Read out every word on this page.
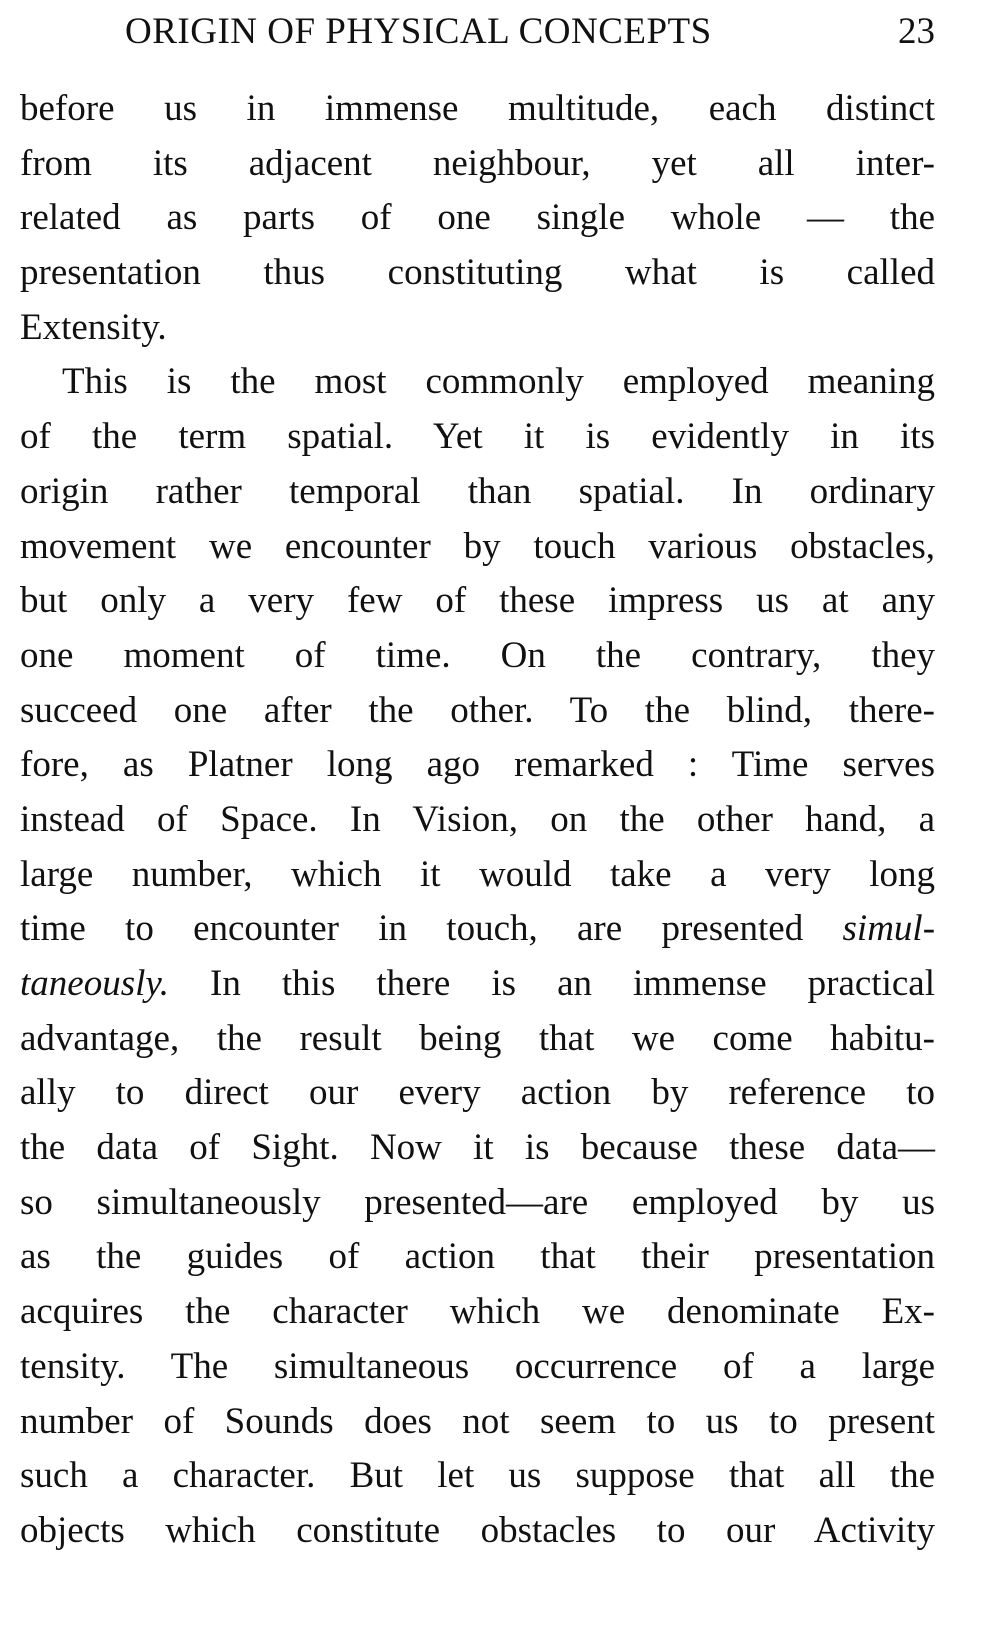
ORIGIN OF PHYSICAL CONCEPTS	23
before us in immense multitude, each distinct
from its adjacent neighbour, yet all inter-
related as parts of one single whole — the
presentation thus constituting what is called
Extensity.
This is the most commonly employed meaning
of the term spatial. Yet it is evidently in its
origin rather temporal than spatial. In ordinary
movement we encounter by touch various obstacles,
but only a very few of these impress us at any
one moment of time. On the contrary, they
succeed one after the other. To the blind, there-
fore, as Platner long ago remarked : Time serves
instead of Space. In Vision, on the other hand, a
large number, which it would take a very long
time to encounter in touch, are presented simul-
taneously. In this there is an immense practical
advantage, the result being that we come habitu-
ally to direct our every action by reference to
the data of Sight. Now it is because these data—
so simultaneously presented—are employed by us
as the guides of action that their presentation
acquires the character which we denominate Ex-
tensity. The simultaneous occurrence of a large
number of Sounds does not seem to us to present
such a character. But let us suppose that all the
objects which constitute obstacles to our Activity
